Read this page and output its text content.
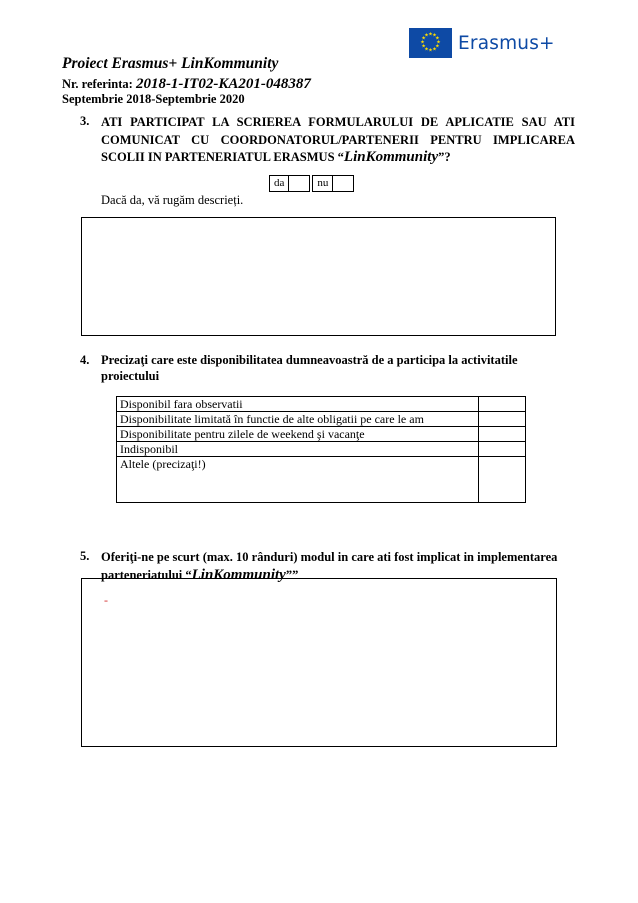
Proiect Erasmus+ LinKommunity
Nr. referinta: 2018-1-IT02-KA201-048387
Septembrie 2018-Septembrie 2020
★ ★
★
★
★
★
★
★
★
★
★
★ Erasmus+
3. ATI PARTICIPAT LA SCRIEREA FORMULARULUI DE APLICATIE SAU ATI COMUNICAT CU COORDONATORUL/PARTENERII PENTRU IMPLICAREA SCOLII IN PARTENERIATUL ERASMUS “LinKommunity”?
da	nu
Dacă da, vă rugăm descrieți.
4. Precizaţi care este disponibilitatea dumneavoastră de a participa la activitatile proiectului
Disponibil fara observatii	
Disponibilitate limitată în functie de alte obligatii pe care le am	
Disponibilitate pentru zilele de weekend şi vacanţe	
Indisponibil	
Altele (precizaţi!)	
5. Oferiţi-ne pe scurt (max. 10 rânduri) modul in care ati fost implicat in implementarea parteneriatului “LinKommunity””
-
